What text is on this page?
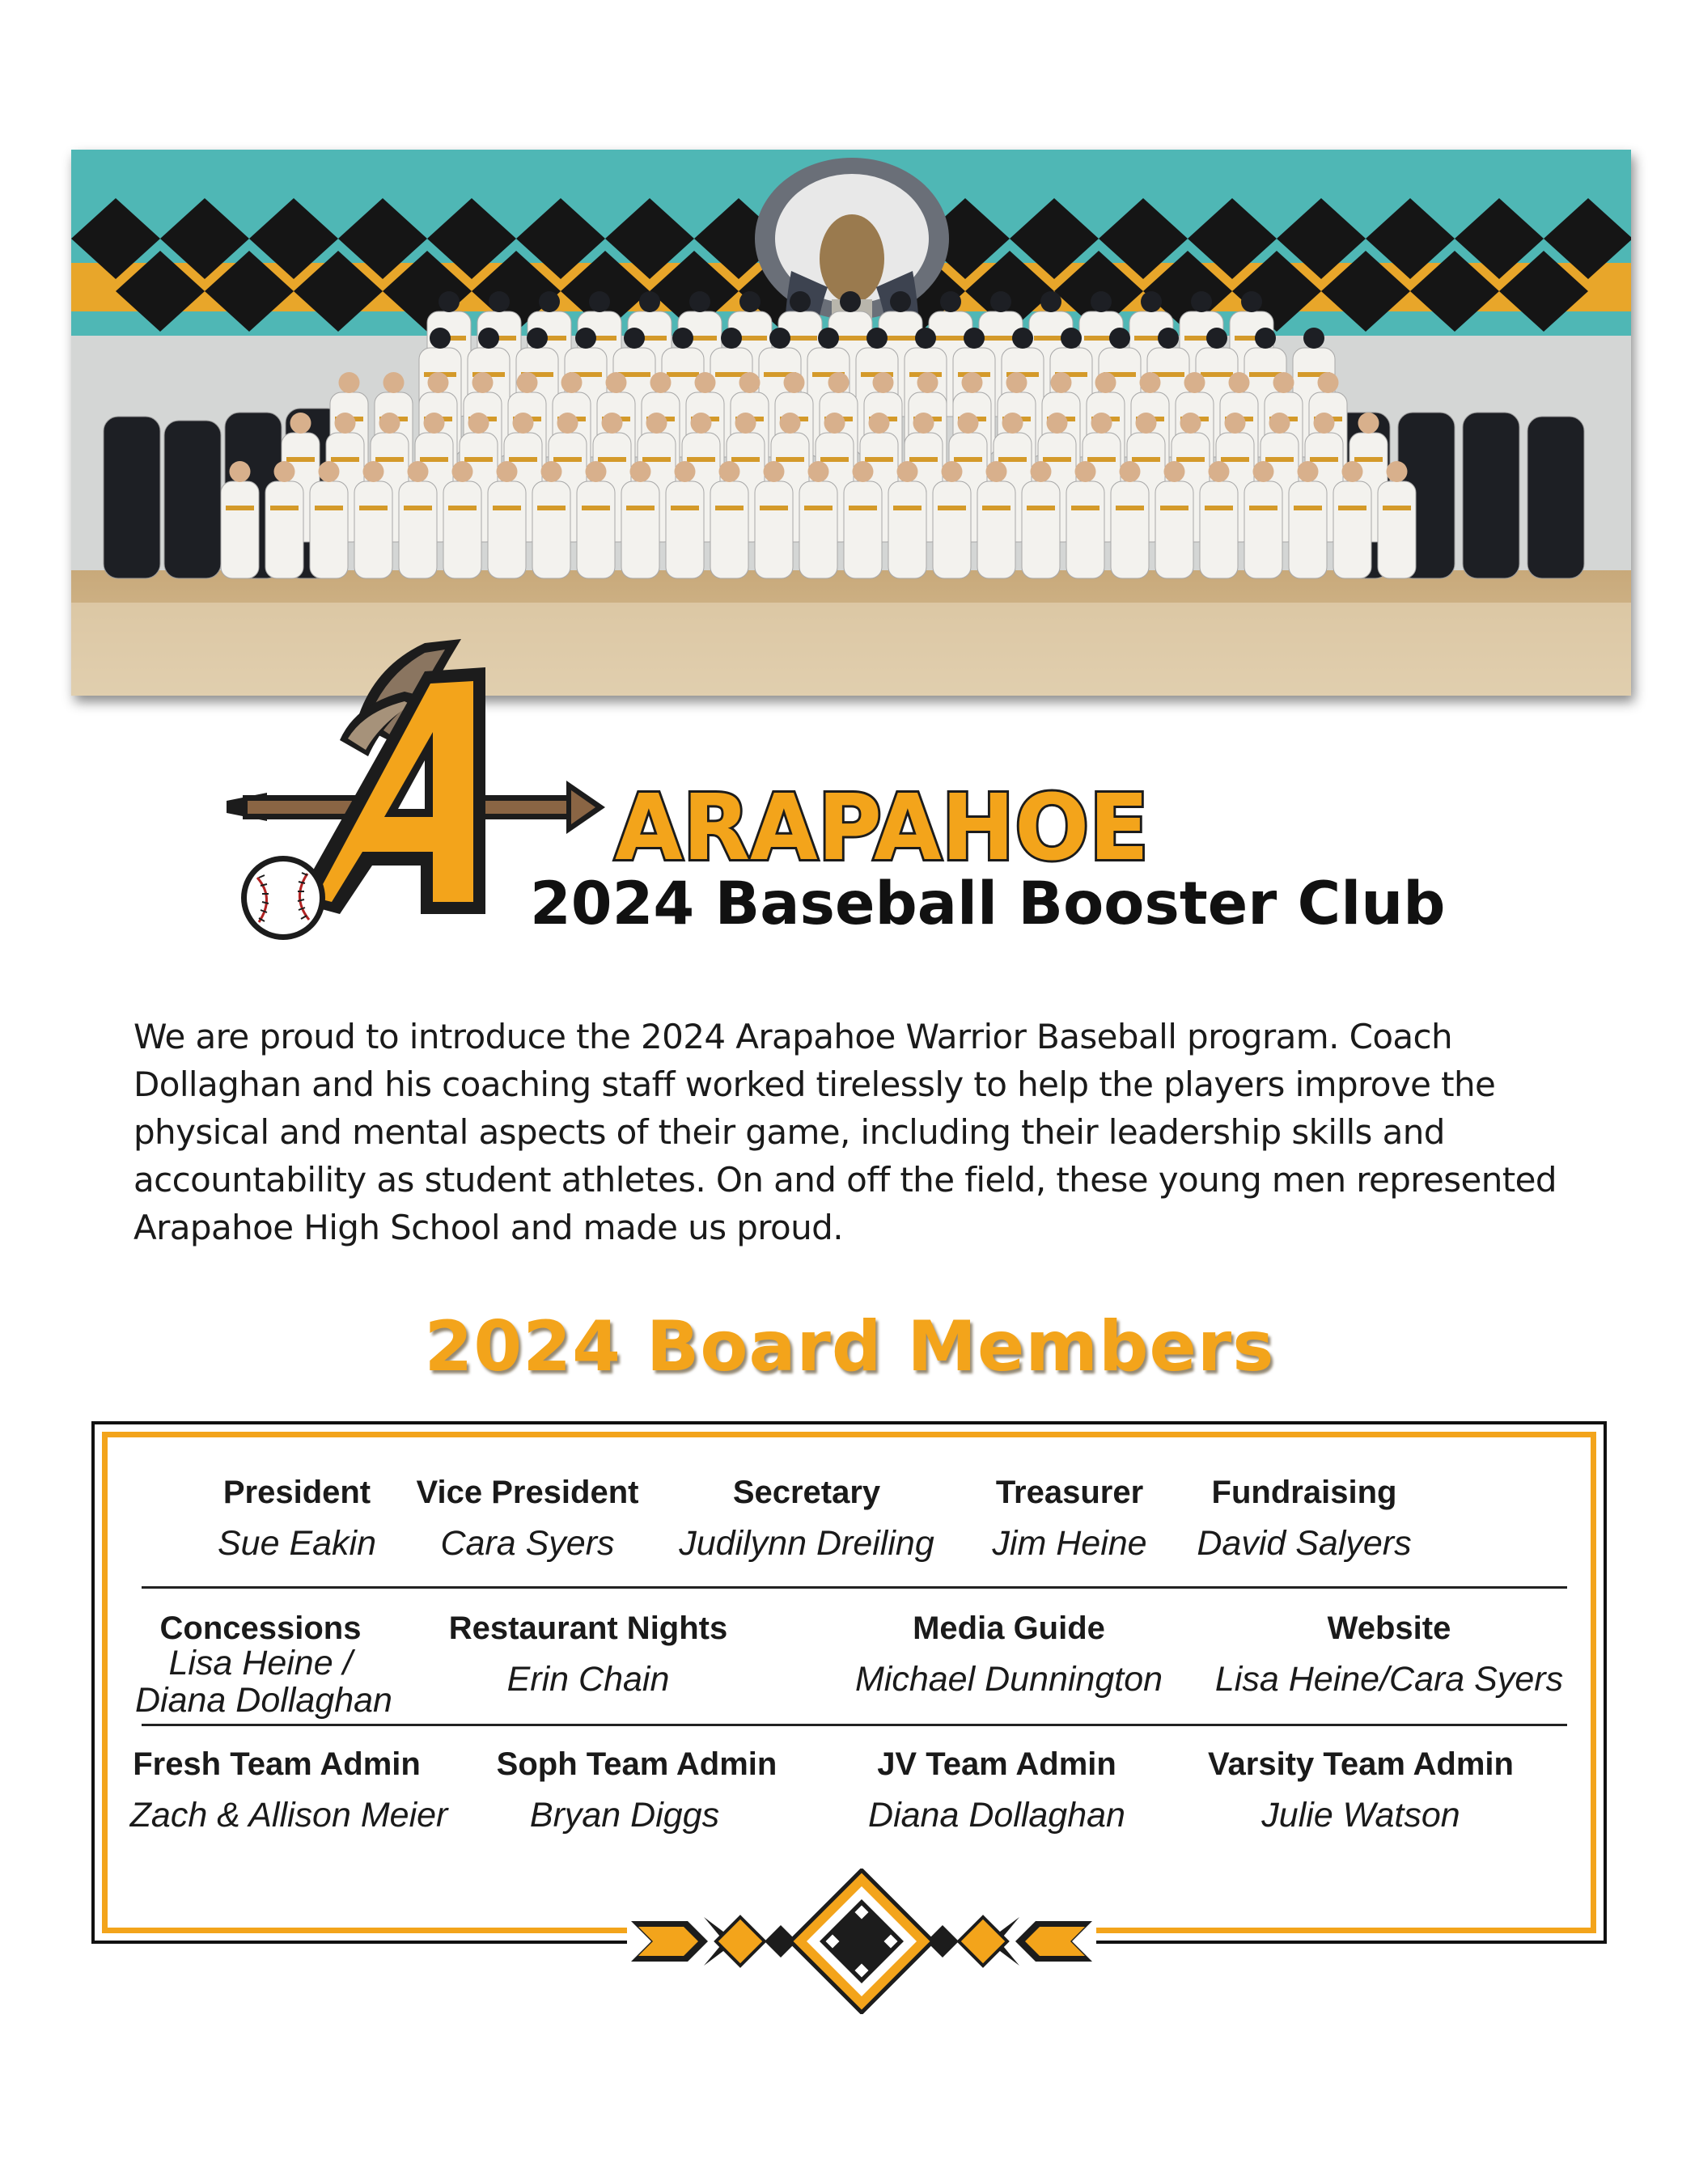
ARAPAHOE
2024 Baseball Booster Club

We are proud to introduce the 2024 Arapahoe Warrior Baseball program. Coach Dollaghan and his coaching staff worked tirelessly to help the players improve the physical and mental aspects of their game, including their leadership skills and accountability as student athletes. On and off the field, these young men represented Arapahoe High School and made us proud.

2024 Board Members
President
Sue Eakin
Vice President
Cara Syers
Secretary
Judilynn Dreiling
Treasurer
Jim Heine
Fundraising
David Salyers
Concessions
Lisa Heine /
Diana Dollaghan
Restaurant Nights
Erin Chain
Media Guide
Michael Dunnington
Website
Lisa Heine/Cara Syers
Fresh Team Admin
Zach & Allison Meier
Soph Team Admin
Bryan Diggs
JV Team Admin
Diana Dollaghan
Varsity Team Admin
Julie Watson
